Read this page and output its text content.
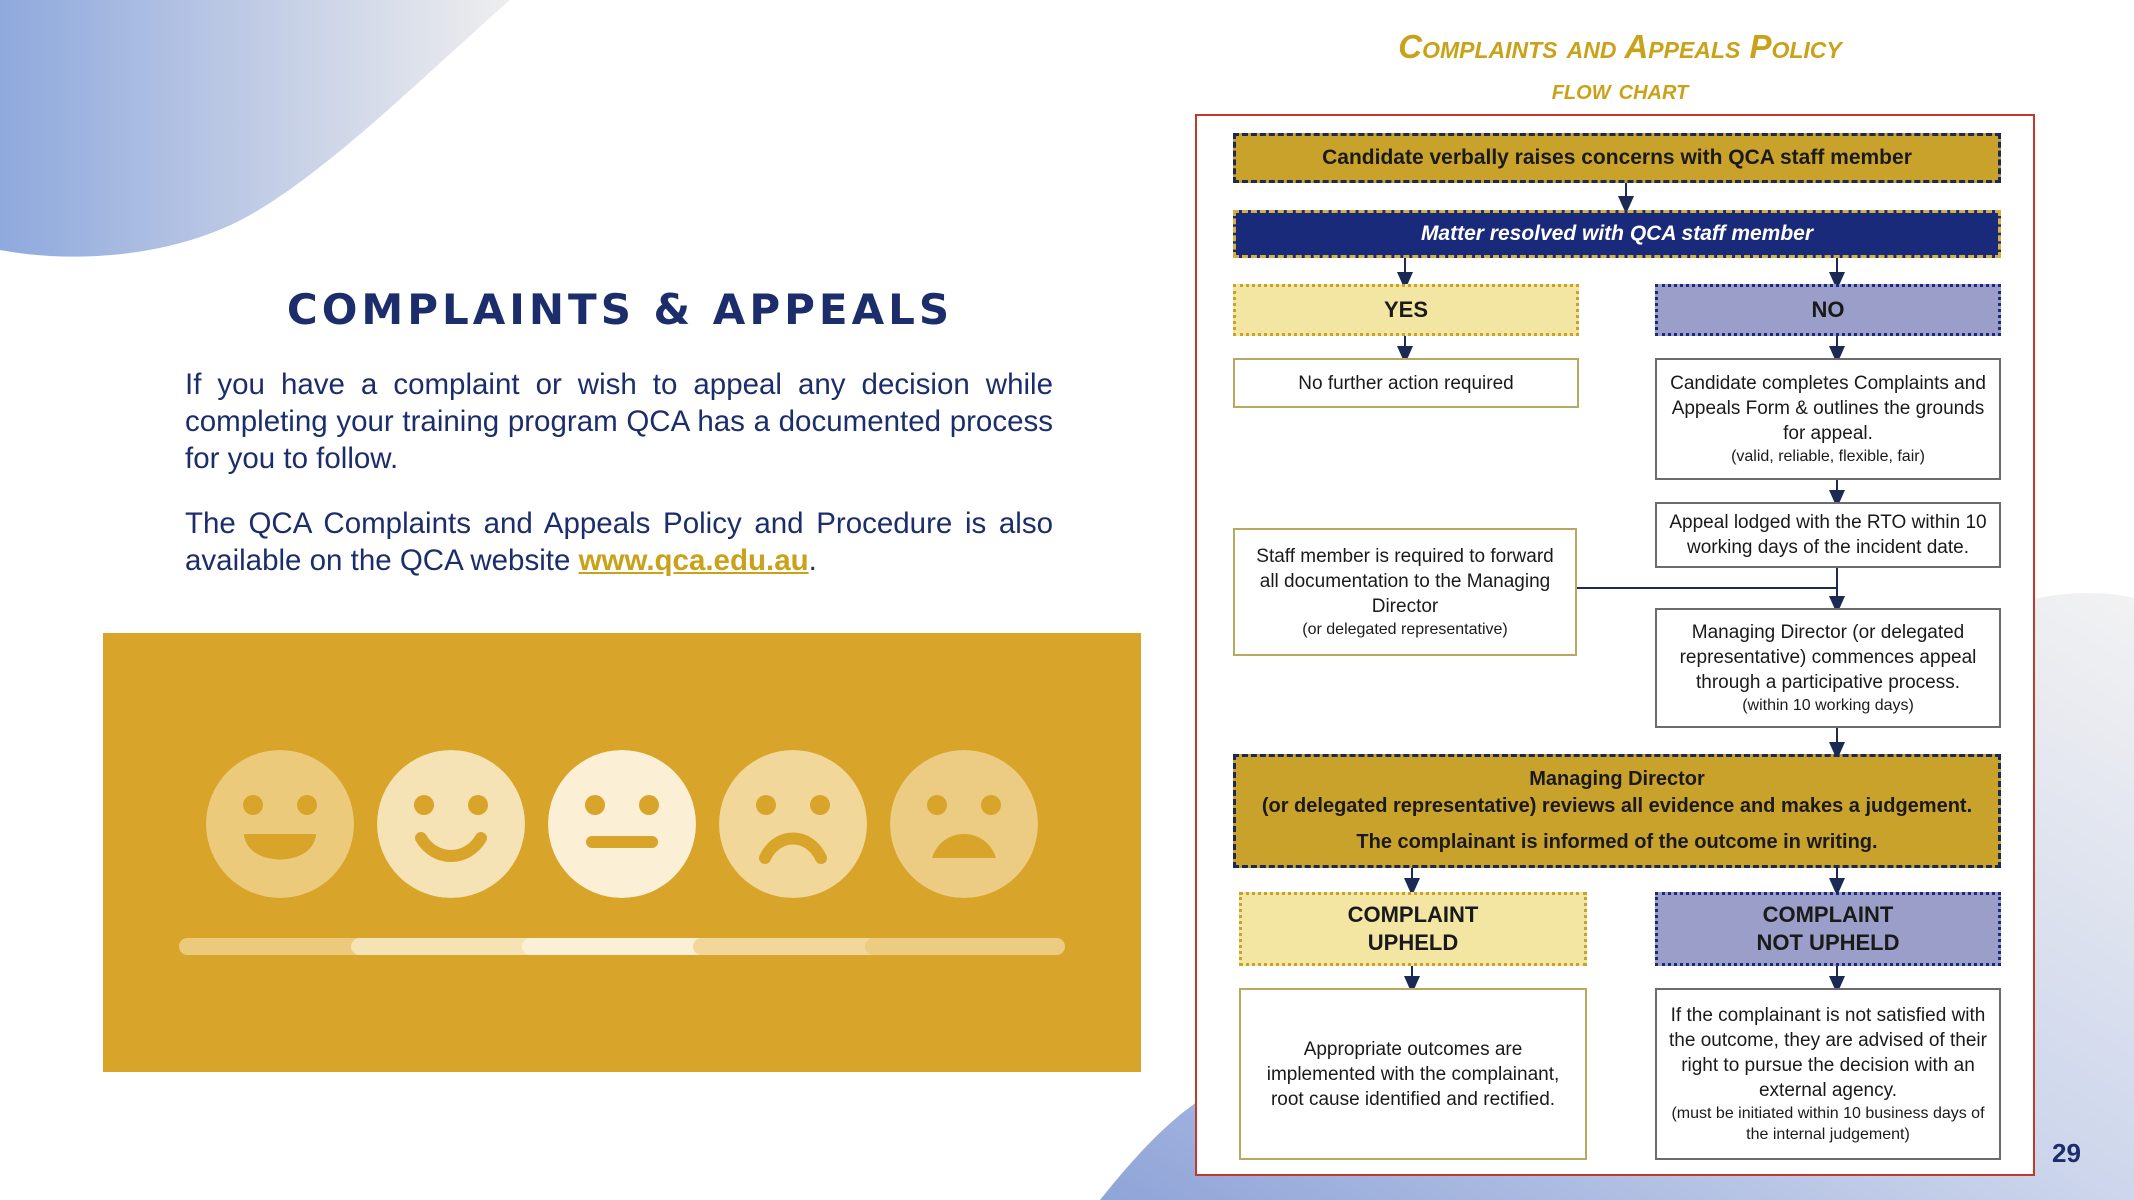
COMPLAINTS & APPEALS

If you have a complaint or wish to appeal any decision while completing your training program QCA has a documented process for you to follow.

The QCA Complaints and Appeals Policy and Procedure is also available on the QCA website www.qca.edu.au.

Complaints and Appeals Policy
flow chart
Candidate verbally raises concerns with QCA staff member
Matter resolved with QCA staff member
YES	NO
No further action required	Candidate completes Complaints and Appeals Form & outlines the grounds for appeal.
(valid, reliable, flexible, fair)
Appeal lodged with the RTO within 10 working days of the incident date.
Staff member is required to forward all documentation to the Managing Director
(or delegated representative)	Managing Director (or delegated representative) commences appeal through a participative process.
(within 10 working days)
Managing Director
(or delegated representative) reviews all evidence and makes a judgement.
The complainant is informed of the outcome in writing.
COMPLAINT
UPHELD
COMPLAINT
NOT UPHELD
Appropriate outcomes are implemented with the complainant, root cause identified and rectified.
If the complainant is not satisfied with the outcome, they are advised of their right to pursue the decision with an external agency.
(must be initiated within 10 business days of the internal judgement)
29
